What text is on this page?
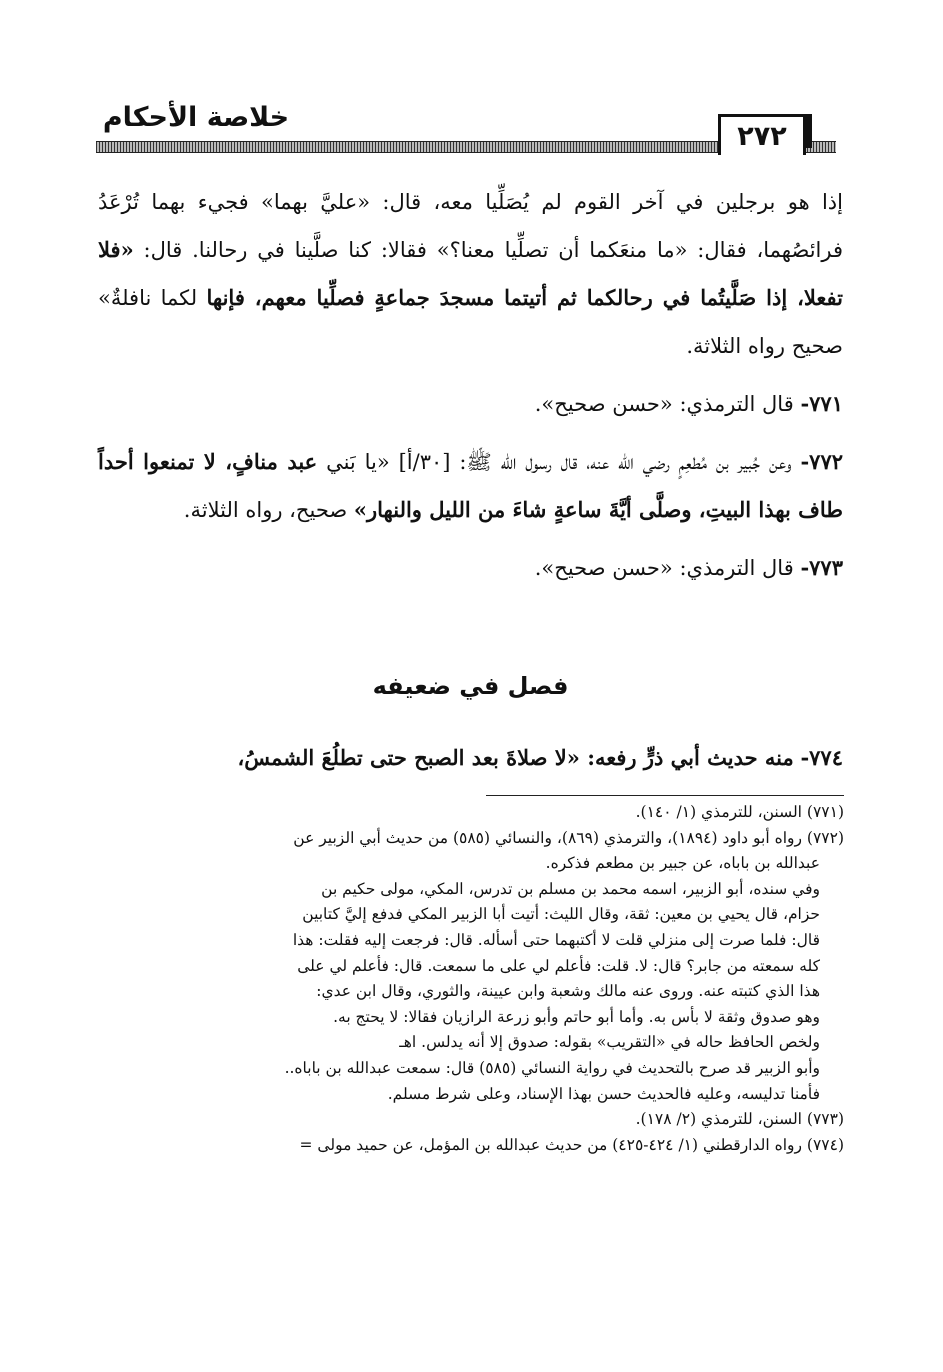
خلاصة الأحكام
٢٧٢

إذا هو برجلين في آخر القوم لم يُصَلِّيا معه، قال: «عليَّ بهما» فجيء بهما تُرْعَدُ فرائصُهما، فقال: «ما منعَكما أن تصلِّيا معنا؟» فقالا: كنا صلَّينا في رحالنا. قال: «فلا تفعلا، إذا صَلَّيتُما في رحالكما ثم أتيتما مسجدَ جماعةٍ فصلِّيا معهم، فإنها لكما نافلةٌ» صحيح رواه الثلاثة.

٧٧١- قال الترمذي: «حسن صحيح».

٧٧٢- وعن جُبير بن مُطعِمٍ رضي الله عنه، قال رسول الله ﷺ: [٣٠/أ] «يا بَني عبد منافٍ، لا تمنعوا أحداً طاف بهذا البيتِ، وصلَّى أيَّةَ ساعةٍ شاءَ من الليل والنهار» صحيح، رواه الثلاثة.

٧٧٣- قال الترمذي: «حسن صحيح».

فصل في ضعيفه

٧٧٤- منه حديث أبي ذرٍّ رفعه: «لا صلاةَ بعد الصبح حتى تطلُعَ الشمسُ،

(٧٧١) السنن، للترمذي (١/ ١٤٠).

(٧٧٢) رواه أبو داود (١٨٩٤)، والترمذي (٨٦٩)، والنسائي (٥٨٥) من حديث أبي الزبير عن

عبدالله بن باباه، عن جبير بن مطعم فذكره.

وفي سنده، أبو الزبير، اسمه محمد بن مسلم بن تدرس، المكي، مولى حكيم بن

حزام، قال يحيي بن معين: ثقة، وقال الليث: أتيت أبا الزبير المكي فدفع إليَّ كتابين

قال: فلما صرت إلى منزلي قلت لا أكتبهما حتى أسأله. قال: فرجعت إليه فقلت: هذا

كله سمعته من جابر؟ قال: لا. قلت: فأعلم لي على ما سمعت. قال: فأعلم لي على

هذا الذي كتبته عنه. وروى عنه مالك وشعبة وابن عيينة، والثوري، وقال ابن عدي:

وهو صدوق وثقة لا بأس به. وأما أبو حاتم وأبو زرعة الرازيان فقالا: لا يحتج به.

ولخص الحافظ حاله في «التقريب» بقوله: صدوق إلا أنه يدلس. اهـ

وأبو الزبير قد صرح بالتحديث في رواية النسائي (٥٨٥) قال: سمعت عبدالله بن باباه..

فأمنا تدليسه، وعليه فالحديث حسن بهذا الإسناد، وعلى شرط مسلم.

(٧٧٣) السنن، للترمذي (٢/ ١٧٨).

(٧٧٤) رواه الدارقطني (١/ ٤٢٤-٤٢٥) من حديث عبدالله بن المؤمل، عن حميد مولى =
